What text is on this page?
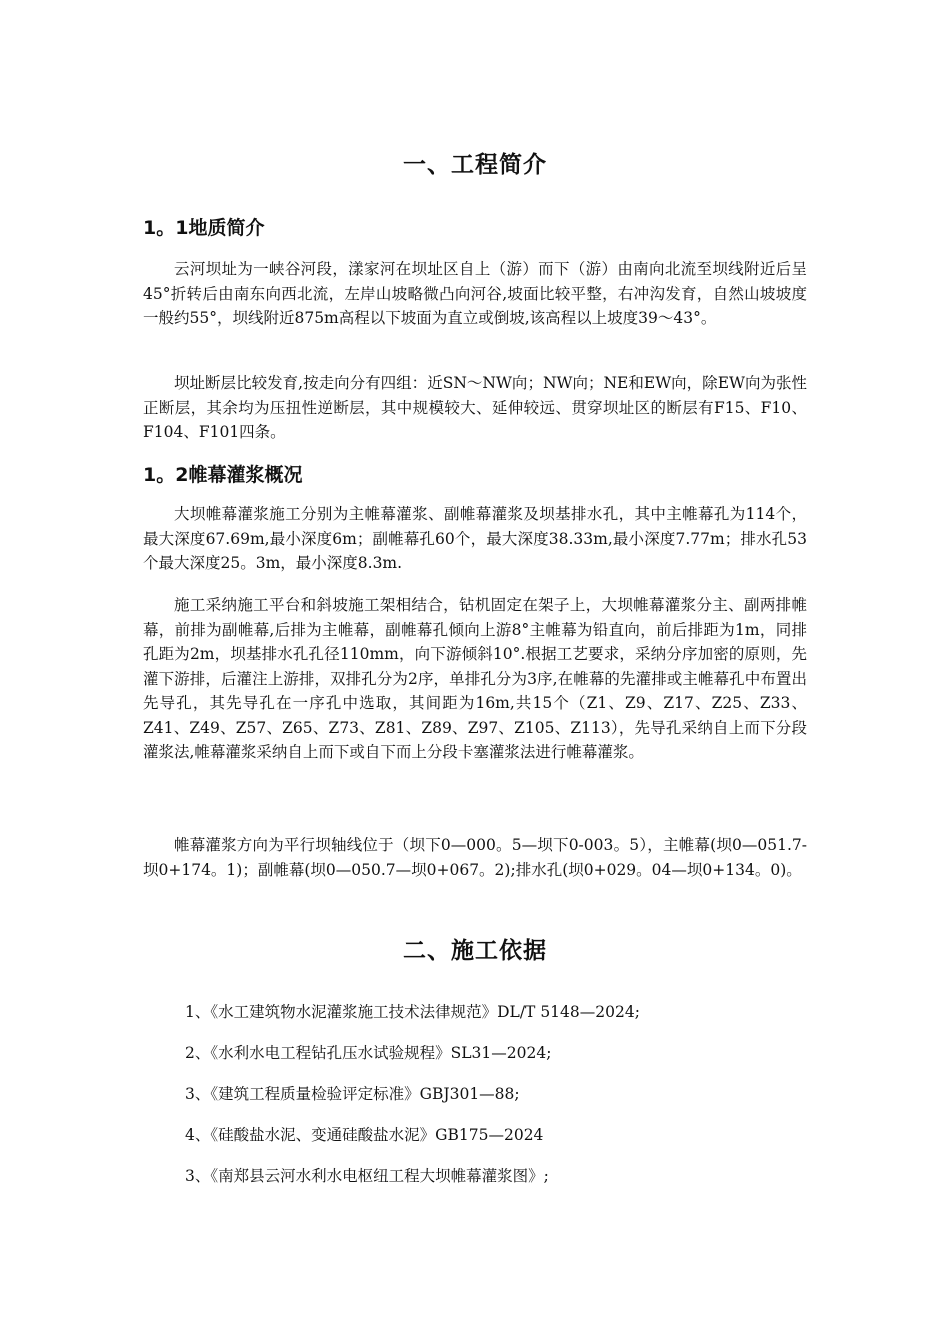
一、工程简介
1。1地质简介

云河坝址为一峡谷河段，漾家河在坝址区自上（游）而下（游）由南向北流至坝线附近后呈45°折转后由南东向西北流，左岸山坡略微凸向河谷,坡面比较平整，右冲沟发育，自然山坡坡度一般约55°，坝线附近875m高程以下坡面为直立或倒坡,该高程以上坡度39～43°。

坝址断层比较发育,按走向分有四组：近SN～NW向；NW向；NE和EW向，除EW向为张性正断层，其余均为压扭性逆断层，其中规模较大、延伸较远、贯穿坝址区的断层有F15、F10、F104、F101四条。

1。2帷幕灌浆概况

大坝帷幕灌浆施工分别为主帷幕灌浆、副帷幕灌浆及坝基排水孔，其中主帷幕孔为114个，最大深度67.69m,最小深度6m；副帷幕孔60个，最大深度38.33m,最小深度7.77m；排水孔53个最大深度25。3m，最小深度8.3m.

施工采纳施工平台和斜坡施工架相结合，钻机固定在架子上，大坝帷幕灌浆分主、副两排帷幕，前排为副帷幕,后排为主帷幕，副帷幕孔倾向上游8°主帷幕为铅直向，前后排距为1m，同排孔距为2m，坝基排水孔孔径110mm，向下游倾斜10°.根据工艺要求，采纳分序加密的原则，先灌下游排，后灌注上游排，双排孔分为2序，单排孔分为3序,在帷幕的先灌排或主帷幕孔中布置出先导孔，其先导孔在一序孔中选取，其间距为16m,共15个（Z1、Z9、Z17、Z25、Z33、Z41、Z49、Z57、Z65、Z73、Z81、Z89、Z97、Z105、Z113），先导孔采纳自上而下分段灌浆法,帷幕灌浆采纳自上而下或自下而上分段卡塞灌浆法进行帷幕灌浆。

帷幕灌浆方向为平行坝轴线位于（坝下0—000。5—坝下0-003。5），主帷幕(坝0—051.7-坝0+174。1)；副帷幕(坝0—050.7—坝0+067。2);排水孔(坝0+029。04—坝0+134。0)。

二、施工依据
1、《水工建筑物水泥灌浆施工技术法律规范》DL/T 5148—2024;
2、《水利水电工程钻孔压水试验规程》SL31—2024;
3、《建筑工程质量检验评定标准》GBJ301—88;
4、《硅酸盐水泥、变通硅酸盐水泥》GB175—2024
3、《南郑县云河水利水电枢纽工程大坝帷幕灌浆图》;
